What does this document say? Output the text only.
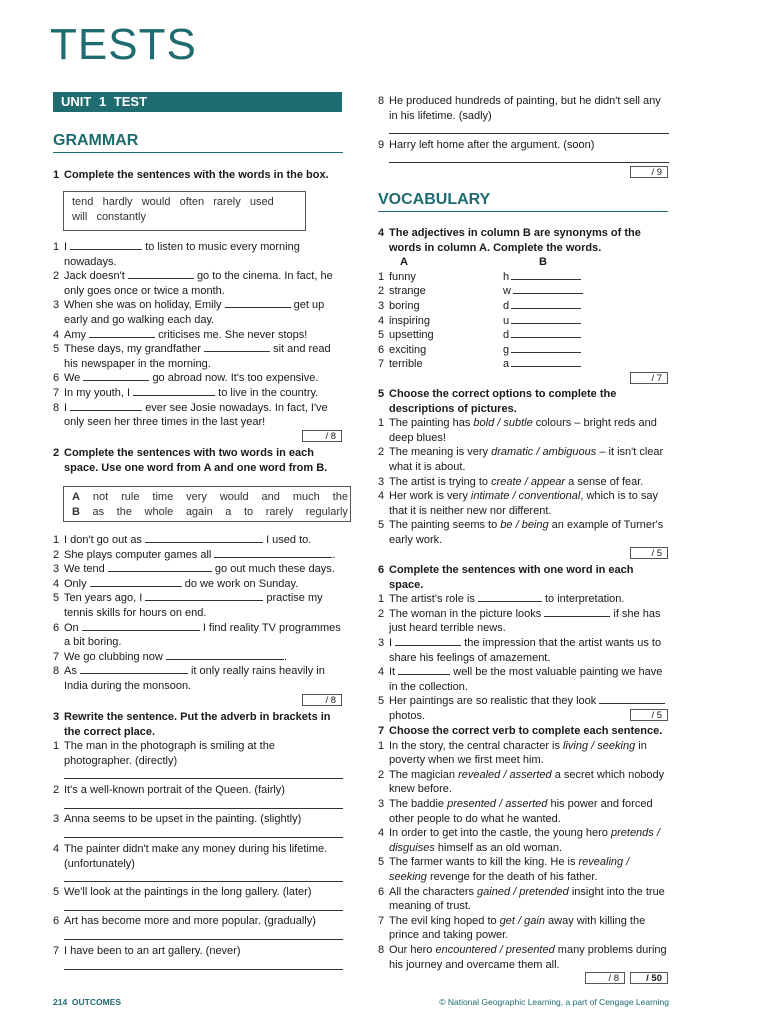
TESTS
UNIT 1 TEST
GRAMMAR
1 Complete the sentences with the words in the box.
tend   hardly   would   often   rarely   used
will   constantly
1 I	to listen to music every morning nowadays.
2 Jack doesn't	go to the cinema. In fact, he only goes once or twice a month.
3 When she was on holiday, Emily	get up early and go walking each day.
4 Amy	criticises me. She never stops!
5 These days, my grandfather	sit and read his newspaper in the morning.
6 We	go abroad now. It's too expensive.
7 In my youth, I	to live in the country.
8 I	ever see Josie nowadays. In fact, I've only seen her three times in the last year!
/ 8
2 Complete the sentences with two words in each space. Use one word from A and one word from B.
A not rule time very would and much the
B as the whole again a to rarely regularly
1 I don't go out as	I used to.
2 She plays computer games all	.
3 We tend	go out much these days.
4 Only	do we work on Sunday.
5 Ten years ago, I	practise my tennis skills for hours on end.
6 On	I find reality TV programmes a bit boring.
7 We go clubbing now	.
8 As	it only really rains heavily in India during the monsoon.
/ 8
3 Rewrite the sentence. Put the adverb in brackets in the correct place.
1 The man in the photograph is smiling at the photographer. (directly)
2 It's a well-known portrait of the Queen. (fairly)
3 Anna seems to be upset in the painting. (slightly)
4 The painter didn't make any money during his lifetime. (unfortunately)
5 We'll look at the paintings in the long gallery. (later)
6 Art has become more and more popular. (gradually)
7 I have been to an art gallery. (never)
8 He produced hundreds of painting, but he didn't sell any in his lifetime. (sadly)
9 Harry left home after the argument. (soon)
/ 9
VOCABULARY
4 The adjectives in column B are synonyms of the words in column A. Complete the words.
A	B
1 funny	h
2 strange	w
3 boring	d
4 inspiring	u
5 upsetting	d
6 exciting	g
7 terrible	a
/ 7
5 Choose the correct options to complete the descriptions of pictures.
1 The painting has bold / subtle colours – bright reds and deep blues!
2 The meaning is very dramatic / ambiguous – it isn't clear what it is about.
3 The artist is trying to create / appear a sense of fear.
4 Her work is very intimate / conventional, which is to say that it is neither new nor different.
5 The painting seems to be / being an example of Turner's early work.
/ 5
6 Complete the sentences with one word in each space.
1 The artist's role is	to interpretation.
2 The woman in the picture looks	if she has just heard terrible news.
3 I	the impression that the artist wants us to share his feelings of amazement.
4 It	well be the most valuable painting we have in the collection.
5 Her paintings are so realistic that they look  photos.	/ 5
7 Choose the correct verb to complete each sentence.
1 In the story, the central character is living / seeking in poverty when we first meet him.
2 The magician revealed / asserted a secret which nobody knew before.
3 The baddie presented / asserted his power and forced other people to do what he wanted.
4 In order to get into the castle, the young hero pretends / disguises himself as an old woman.
5 The farmer wants to kill the king. He is revealing / seeking revenge for the death of his father.
6 All the characters gained / pretended insight into the true meaning of trust.
7 The evil king hoped to get / gain away with killing the prince and taking power.
8 Our hero encountered / presented many problems during his journey and overcame them all.
/ 8	/ 50
214 OUTCOMES	© National Geographic Learning, a part of Cengage Learning
